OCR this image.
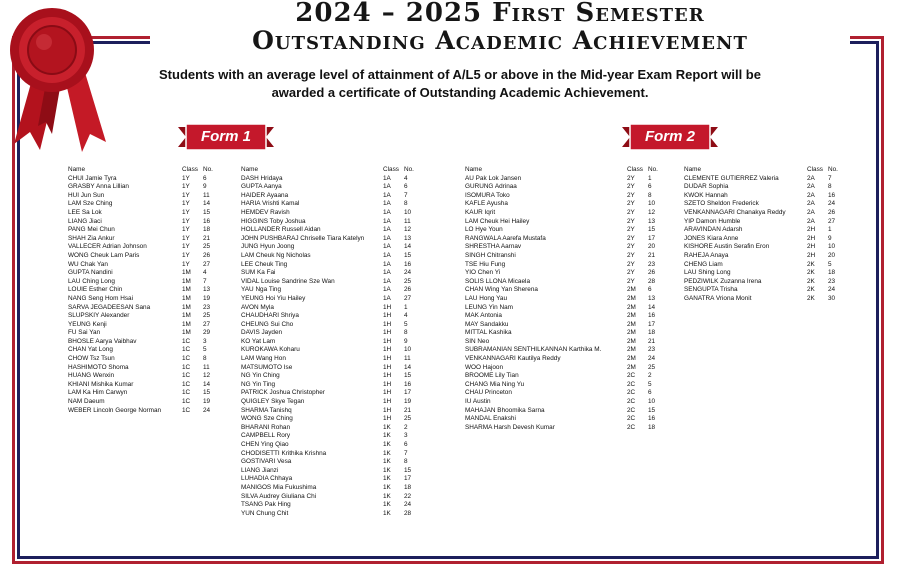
2024 – 2025 First Semester
Outstanding Academic Achievement
Students with an average level of attainment of A/L5 or above in the Mid-year Exam Report will be awarded a certificate of Outstanding Academic Achievement.
Form 1	Form 2
Name	Class No.
CHUI Jamie Tyra	1Y 6
GRASBY Anna Lillian	1Y 9
HUI Jun Sun	1Y 11
LAM Sze Ching	1Y 14
LEE Sa Lok	1Y 15
LIANG Jiaci	1Y 16
PANG Mei Chun	1Y 18
SHAH Zia Ankur	1Y 21
VALLECER Adrian Johnson	1Y 25
WONG Cheuk Lam Paris	1Y 26
WU Chak Yan	1Y 27
GUPTA Nandini	1M 4
LAU Ching Long	1M 7
LOUIE Esther Chin	1M 13
NANG Seng Hom Hsai	1M 19
SARVA JEGADEESAN Sana	1M 23
SLUPSKIY Alexander	1M 25
YEUNG Kenji	1M 27
FU Sai Yan	1M 29
BHOSLE Aarya Vaibhav	1C 3
CHAN Yat Long	1C 5
CHOW Tsz Tsun	1C 8
HASHIMOTO Shoma	1C 11
HUANG Wenxin	1C 12
KHIANI Mishika Kumar	1C 14
LAM Ka Him Carwyn	1C 15
NAM Daeum	1C 19
WEBER Lincoln George Norman	1C 24
Name	Class No.
DASH Hridaya	1A 4
GUPTA Aanya	1A 6
HAIDER Ayaana	1A 7
HARIA Vrishti Kamal	1A 8
HEMDEV Ravish	1A 10
HIGGINS Toby Joshua	1A 11
HOLLANDER Russell Aidan	1A 12
JOHN PUSHBARAJ Chriselle Tiara Katelyn	1A 13
JUNG Hyun Joong	1A 14
LAM Cheuk Ng Nicholas	1A 15
LEE Cheuk Ting	1A 16
SUM Ka Fai	1A 24
VIDAL Louise Sandrine Sze Wan	1A 25
YAU Nga Ting	1A 26
YEUNG Hoi Yiu Hailey	1A 27
AVON Myla	1H 1
CHAUDHARI Shriya	1H 4
CHEUNG Sui Cho	1H 5
DAVIS Jayden	1H 8
KO Yat Lam	1H 9
KUROKAWA Koharu	1H 10
LAM Wang Hon	1H 11
MATSUMOTO Ise	1H 14
NG Yin Ching	1H 15
NG Yin Ting	1H 16
PATRICK Joshua Christopher	1H 17
QUIGLEY Skye Tegan	1H 19
SHARMA Tanishq	1H 21
WONG Sze Ching	1H 25
BHARANI Rohan	1K 2
CAMPBELL Rory	1K 3
CHEN Ying Qiao	1K 6
CHODISETTI Krithika Krishna	1K 7
GOSTIVARI Vesa	1K 8
LIANG Jianzi	1K 15
LUHADIA Chhaya	1K 17
MANIGOS Mia Fukushima	1K 18
SILVA Audrey Giuliana Chi	1K 22
TSANG Pak Hing	1K 24
YUN Chung Chit	1K 28
Name	Class No.
AU Pak Lok Jansen	2Y 1
GURUNG Adrinaa	2Y 6
ISOMURA Toko	2Y 8
KAFLE Ayusha	2Y 10
KAUR Iqrit	2Y 12
LAM Cheuk Hei Hailey	2Y 13
LO Hye Youn	2Y 15
RANGWALA Aarefa Mustafa	2Y 17
SHRESTHA Aarnav	2Y 20
SINGH Chitranshi	2Y 21
TSE Hiu Fung	2Y 23
YIO Chen Yi	2Y 26
SOLIS LLONA Micaela	2Y 28
CHAN Wing Yan Sherena	2M 6
LAU Hong Yau	2M 13
LEUNG Yin Nam	2M 14
MAK Antonia	2M 16
MAY Sandakku	2M 17
MITTAL Kashika	2M 18
SIN Neo	2M 21
SUBRAMANIAN SENTHILKANNAN Karthika M.	2M 23
VENKANNAGARI Kautilya Reddy	2M 24
WOO Hajoon	2M 25
BROOME Lily Tian	2C 2
CHANG Mia Ning Yu	2C 5
CHAU Princeton	2C 6
IU Austin	2C 10
MAHAJAN Bhoomika Sarna	2C 15
MANDAL Enakshi	2C 16
SHARMA Harsh Devesh Kumar	2C 18
Name	Class No.
CLEMENTE GUTIERREZ Valeria	2A 7
DUDAR Sophia	2A 8
KWOK Hannah	2A 16
SZETO Sheldon Frederick	2A 24
VENKANNAGARI Chanakya Reddy	2A 26
YIP Damon Humble	2A 27
ARAVINDAN Adarsh	2H 1
JONES Kiara Anne	2H 9
KISHORE Austin Serafin Eron	2H 10
RAHEJA Anaya	2H 20
CHENG Liam	2K 5
LAU Shing Long	2K 18
PEDZIWILK Zuzanna Irena	2K 23
SENGUPTA Trisha	2K 24
GANATRA Vriona Monit	2K 30
